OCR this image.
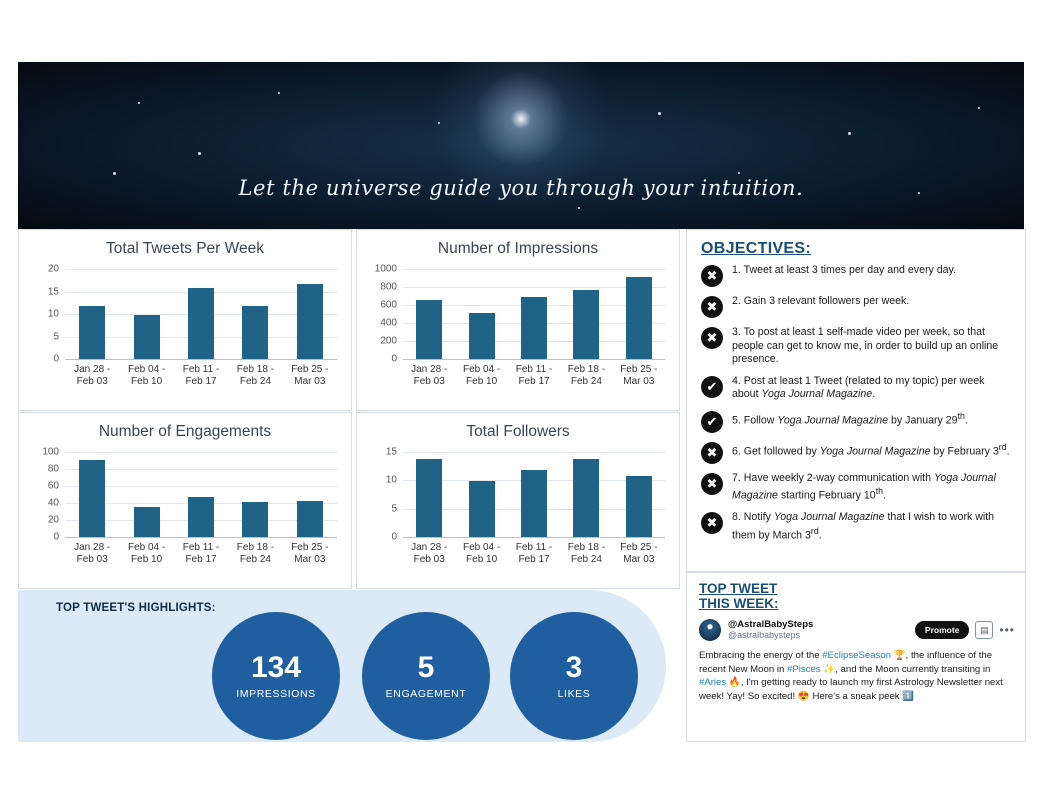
Let the universe guide you through your intuition.
Total Tweets Per Week
0
5
10
15
20
Jan 28 -
Feb 03
Feb 04 -
Feb 10
Feb 11 -
Feb 17
Feb 18 -
Feb 24
Feb 25 -
Mar 03
Number of Impressions
0
200
400
600
800
1000
Jan 28 -
Feb 03
Feb 04 -
Feb 10
Feb 11 -
Feb 17
Feb 18 -
Feb 24
Feb 25 -
Mar 03
Number of Engagements
0
20
40
60
80
100
Jan 28 -
Feb 03
Feb 04 -
Feb 10
Feb 11 -
Feb 17
Feb 18 -
Feb 24
Feb 25 -
Mar 03
Total Followers
0
5
10
15
Jan 28 -
Feb 03
Feb 04 -
Feb 10
Feb 11 -
Feb 17
Feb 18 -
Feb 24
Feb 25 -
Mar 03
OBJECTIVES:
✖	1. Tweet at least 3 times per day and every day.
✖	2. Gain 3 relevant followers per week.
✖	3. To post at least 1 self-made video per week, so that people can get to know me, in order to build up an online presence.
✔	4. Post at least 1 Tweet (related to my topic) per week about Yoga Journal Magazine.
✔	5. Follow Yoga Journal Magazine by January 29th.
✖	6. Get followed by Yoga Journal Magazine by February 3rd.
✖	7. Have weekly 2-way communication with Yoga Journal Magazine starting February 10th.
✖	8. Notify Yoga Journal Magazine that I wish to work with them by March 3rd.
TOP TWEET
THIS WEEK:
@AstralBabySteps
@astralbabysteps	Promote	▤ •••
Embracing the energy of the #EclipseSeason 🏆, the influence of the recent New Moon in #Pisces ✨, and the Moon currently transiting in #Aries 🔥, I'm getting ready to launch my first Astrology Newsletter next week! Yay! So excited! 😍 Here's a sneak peek 1️⃣
TOP TWEET'S HIGHLIGHTS:
134
IMPRESSIONS
5
ENGAGEMENT
3
LIKES
